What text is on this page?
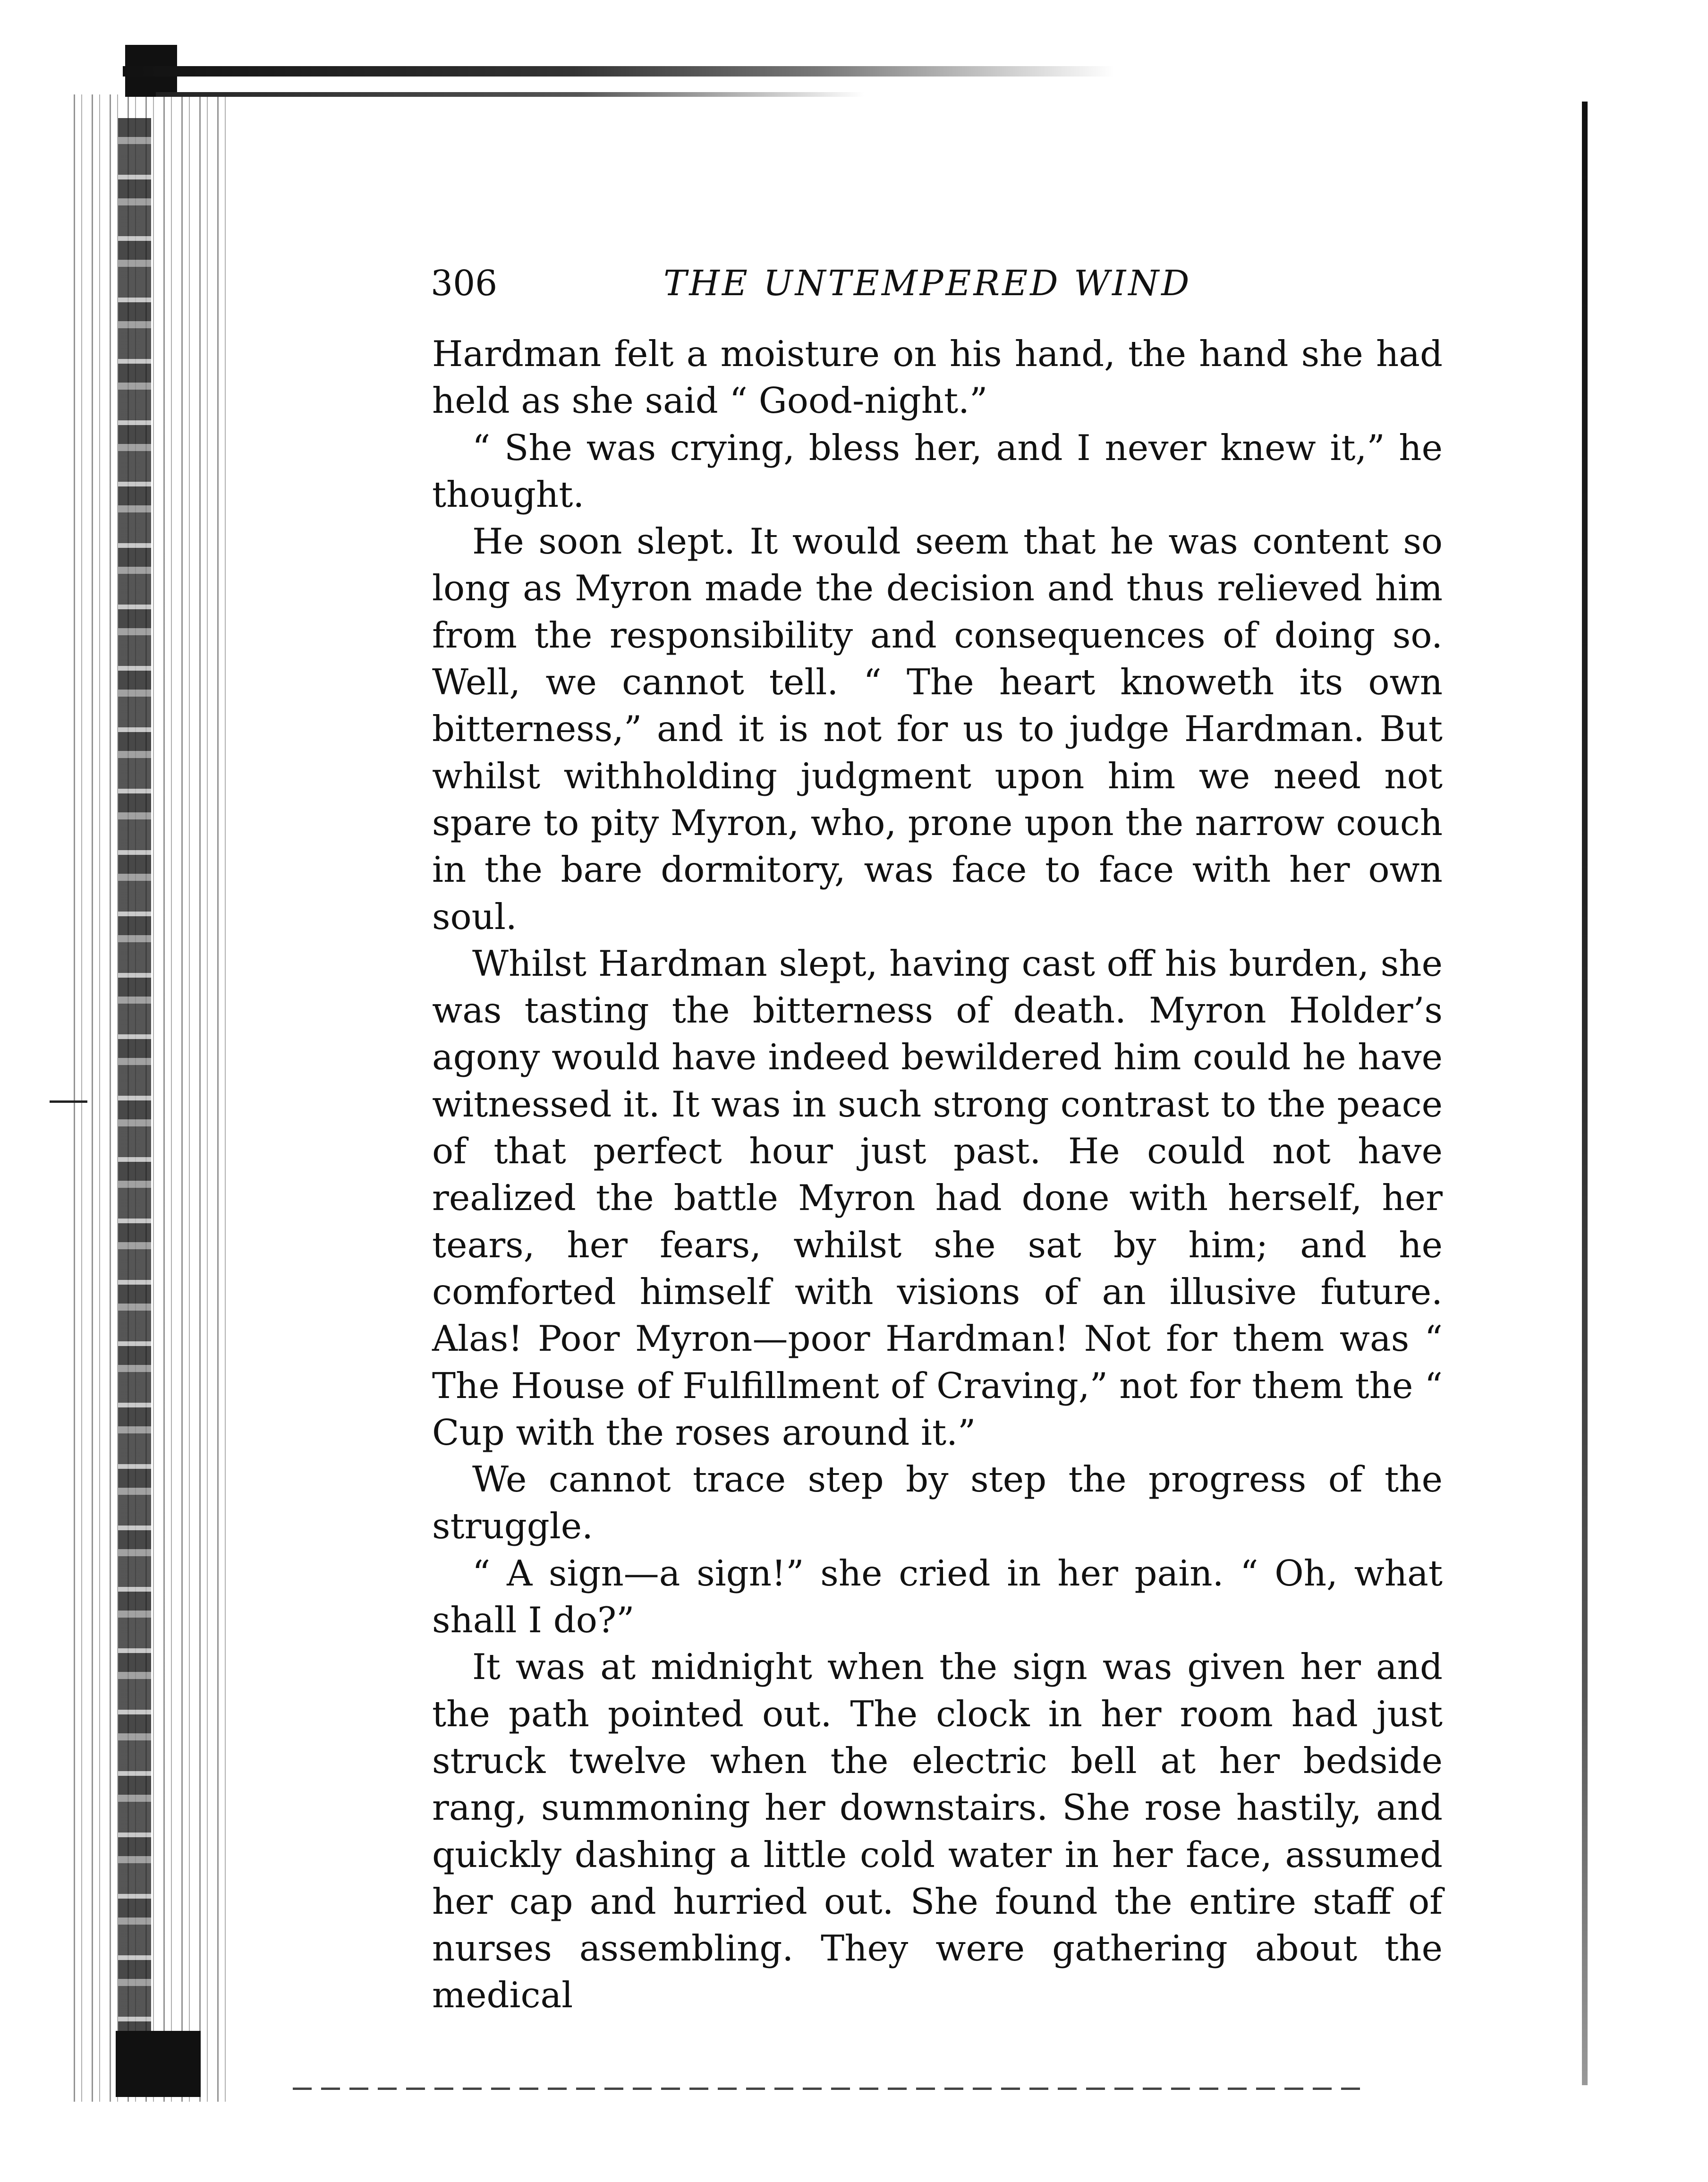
306	THE UNTEMPERED WIND

Hardman felt a moisture on his hand, the hand she had held as she said “ Good-night.”

“ She was crying, bless her, and I never knew it,” he thought.

He soon slept. It would seem that he was content so long as Myron made the decision and thus relieved him from the responsibility and consequences of doing so. Well, we cannot tell. “ The heart knoweth its own bitterness,” and it is not for us to judge Hardman. But whilst withholding judgment upon him we need not spare to pity Myron, who, prone upon the narrow couch in the bare dormitory, was face to face with her own soul.

Whilst Hardman slept, having cast off his burden, she was tasting the bitterness of death. Myron Holder’s agony would have indeed bewildered him could he have witnessed it. It was in such strong contrast to the peace of that perfect hour just past. He could not have realized the battle Myron had done with herself, her tears, her fears, whilst she sat by him; and he comforted himself with visions of an illusive future. Alas! Poor Myron—poor Hardman! Not for them was “ The House of Fulfillment of Craving,” not for them the “ Cup with the roses around it.”

We cannot trace step by step the progress of the struggle.

“ A sign—a sign!” she cried in her pain. “ Oh, what shall I do?”

It was at midnight when the sign was given her and the path pointed out. The clock in her room had just struck twelve when the electric bell at her bedside rang, summoning her downstairs. She rose hastily, and quickly dashing a little cold water in her face, assumed her cap and hurried out. She found the entire staff of nurses assembling. They were gathering about the medical
